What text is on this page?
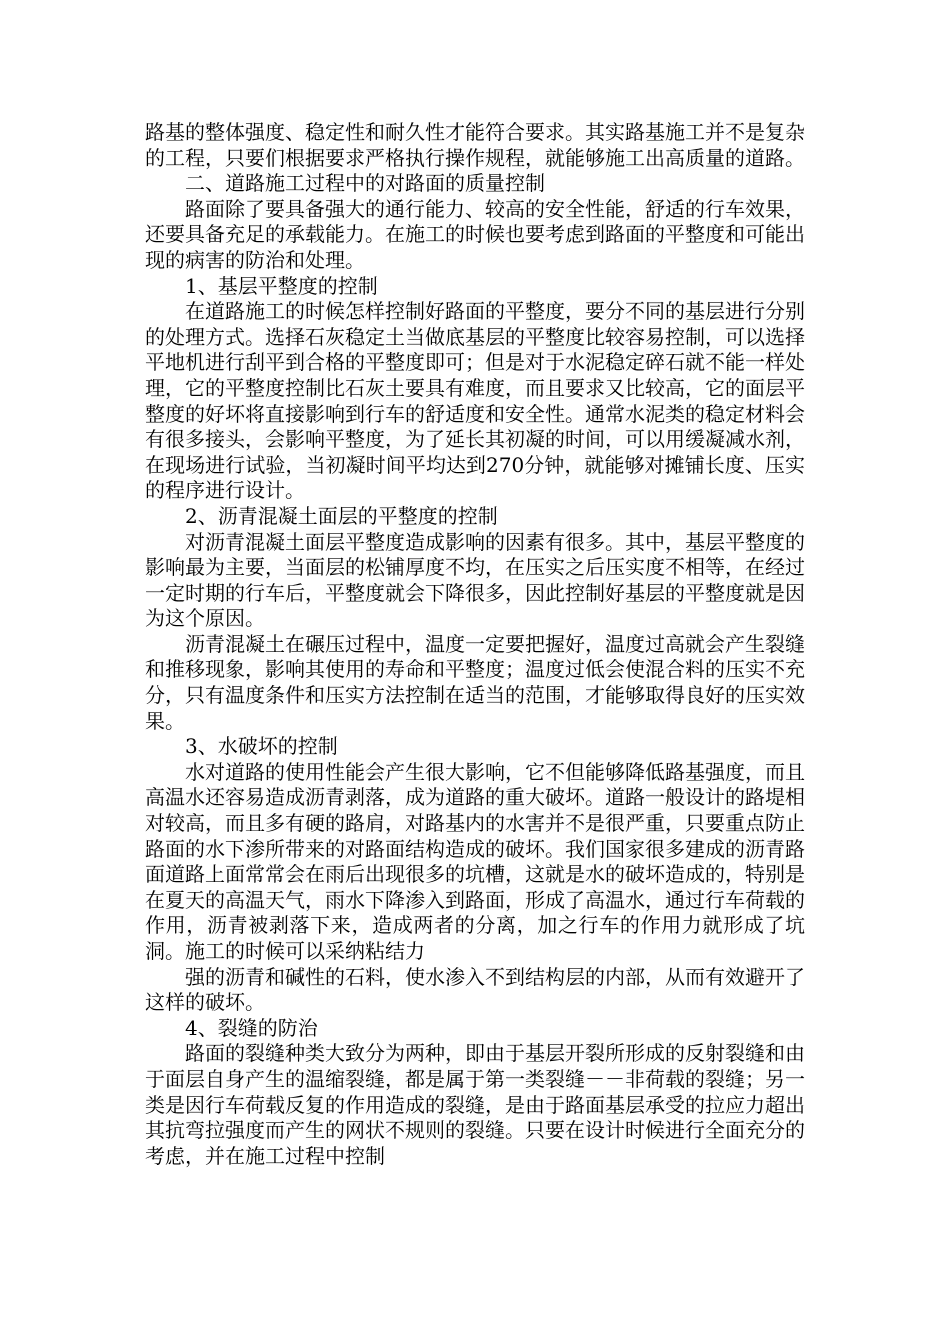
路基的整体强度、稳定性和耐久性才能符合要求。其实路基施工并不是复杂的工程，只要们根据要求严格执行操作规程，就能够施工出高质量的道路。

二、道路施工过程中的对路面的质量控制

路面除了要具备强大的通行能力、较高的安全性能，舒适的行车效果，还要具备充足的承载能力。在施工的时候也要考虑到路面的平整度和可能出现的病害的防治和处理。

1、基层平整度的控制

在道路施工的时候怎样控制好路面的平整度，要分不同的基层进行分别的处理方式。选择石灰稳定土当做底基层的平整度比较容易控制，可以选择平地机进行刮平到合格的平整度即可；但是对于水泥稳定碎石就不能一样处理，它的平整度控制比石灰土要具有难度，而且要求又比较高，它的面层平整度的好坏将直接影响到行车的舒适度和安全性。通常水泥类的稳定材料会有很多接头，会影响平整度，为了延长其初凝的时间，可以用缓凝减水剂，在现场进行试验，当初凝时间平均达到270分钟，就能够对摊铺长度、压实的程序进行设计。

2、沥青混凝土面层的平整度的控制

对沥青混凝土面层平整度造成影响的因素有很多。其中，基层平整度的影响最为主要，当面层的松铺厚度不均，在压实之后压实度不相等，在经过一定时期的行车后，平整度就会下降很多，因此控制好基层的平整度就是因为这个原因。

沥青混凝土在碾压过程中，温度一定要把握好，温度过高就会产生裂缝和推移现象，影响其使用的寿命和平整度；温度过低会使混合料的压实不充分，只有温度条件和压实方法控制在适当的范围，才能够取得良好的压实效果。

3、水破坏的控制

水对道路的使用性能会产生很大影响，它不但能够降低路基强度，而且高温水还容易造成沥青剥落，成为道路的重大破坏。道路一般设计的路堤相对较高，而且多有硬的路肩，对路基内的水害并不是很严重，只要重点防止路面的水下渗所带来的对路面结构造成的破坏。我们国家很多建成的沥青路面道路上面常常会在雨后出现很多的坑槽，这就是水的破坏造成的，特别是在夏天的高温天气，雨水下降渗入到路面，形成了高温水，通过行车荷载的作用，沥青被剥落下来，造成两者的分离，加之行车的作用力就形成了坑洞。施工的时候可以采纳粘结力

强的沥青和碱性的石料，使水渗入不到结构层的内部，从而有效避开了这样的破坏。

4、裂缝的防治

路面的裂缝种类大致分为两种，即由于基层开裂所形成的反射裂缝和由于面层自身产生的温缩裂缝，都是属于第一类裂缝－－非荷载的裂缝；另一类是因行车荷载反复的作用造成的裂缝，是由于路面基层承受的拉应力超出其抗弯拉强度而产生的网状不规则的裂缝。只要在设计时候进行全面充分的考虑，并在施工过程中控制
